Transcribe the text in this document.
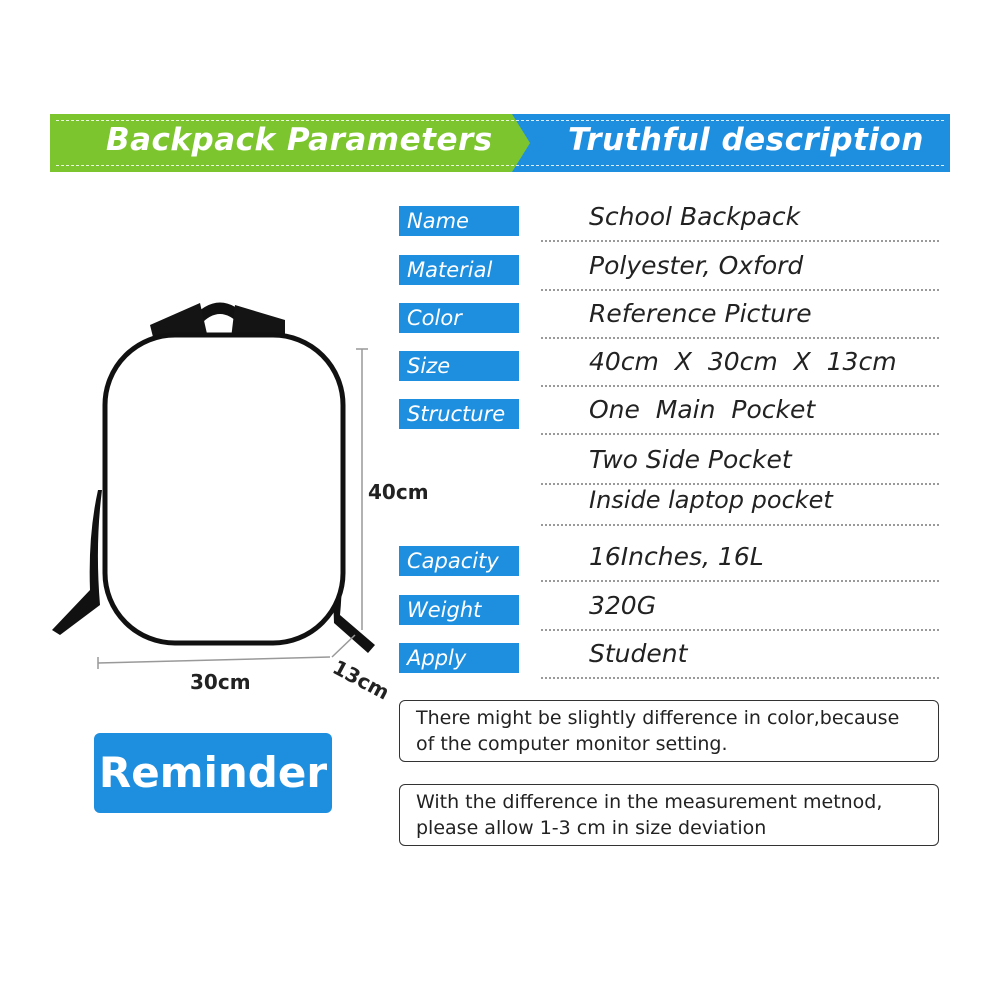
Backpack Parameters Truthful description
40cm
30cm	13cm
Name	School Backpack
Material	Polyester, Oxford
Color	Reference Picture
Size	40cm  X  30cm  X  13cm
Structure	One  Main  Pocket
Two Side Pocket
Inside laptop pocket
Capacity	16Inches, 16L
Weight	320G
Apply	Student
Reminder
There might be slightly difference in color,because of the computer monitor setting.
With the difference in the measurement metnod, please allow 1-3 cm in size deviation
